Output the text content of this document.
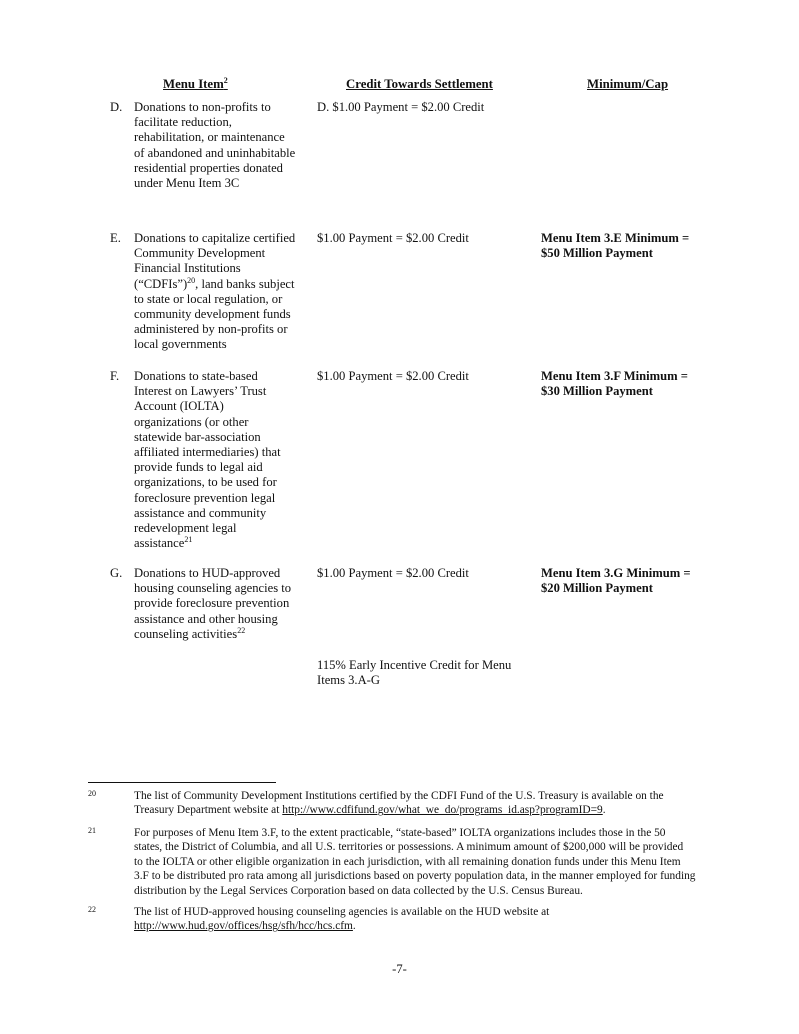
Menu Item$^2$	Credit Towards Settlement	Minimum/Cap
D. Donations to non-profits to
facilitate reduction,
rehabilitation, or maintenance
of abandoned and uninhabitable
residential properties donated
under Menu Item 3C
D. $1.00 Payment = $2.00 Credit
E.	Donations to capitalize certified
Community Development
Financial Institutions
(“CDFIs”)$^{20}$, land banks subject
to state or local regulation, or
community development funds
administered by non-profits or
local governments
$1.00 Payment = $2.00 Credit	Menu Item 3.E Minimum =
$50 Million Payment
F.	Donations to state-based
Interest on Lawyers’ Trust
Account (IOLTA)
organizations (or other
statewide bar-association
affiliated intermediaries) that
provide funds to legal aid
organizations, to be used for
foreclosure prevention legal
assistance and community
redevelopment legal
assistance$^{21}$
$1.00 Payment = $2.00 Credit	Menu Item 3.F Minimum =
$30 Million Payment
G. Donations to HUD-approved
housing counseling agencies to
provide foreclosure prevention
assistance and other housing
counseling activities$^{22}$
$1.00 Payment = $2.00 Credit	Menu Item 3.G Minimum =
$20 Million Payment
115% Early Incentive Credit for Menu
Items 3.A-G
20	The list of Community Development Institutions certified by the CDFI Fund of the U.S. Treasury is available on the
Treasury Department website at http://www.cdfifund.gov/what_we_do/programs_id.asp?programID=9.
21	For purposes of Menu Item 3.F, to the extent practicable, “state-based” IOLTA organizations includes those in the 50
states, the District of Columbia, and all U.S. territories or possessions. A minimum amount of $200,000 will be provided
to the IOLTA or other eligible organization in each jurisdiction, with all remaining donation funds under this Menu Item
3.F to be distributed pro rata among all jurisdictions based on poverty population data, in the manner employed for funding
distribution by the Legal Services Corporation based on data collected by the U.S. Census Bureau.
22	The list of HUD-approved housing counseling agencies is available on the HUD website at
http://www.hud.gov/offices/hsg/sfh/hcc/hcs.cfm.
-7-
